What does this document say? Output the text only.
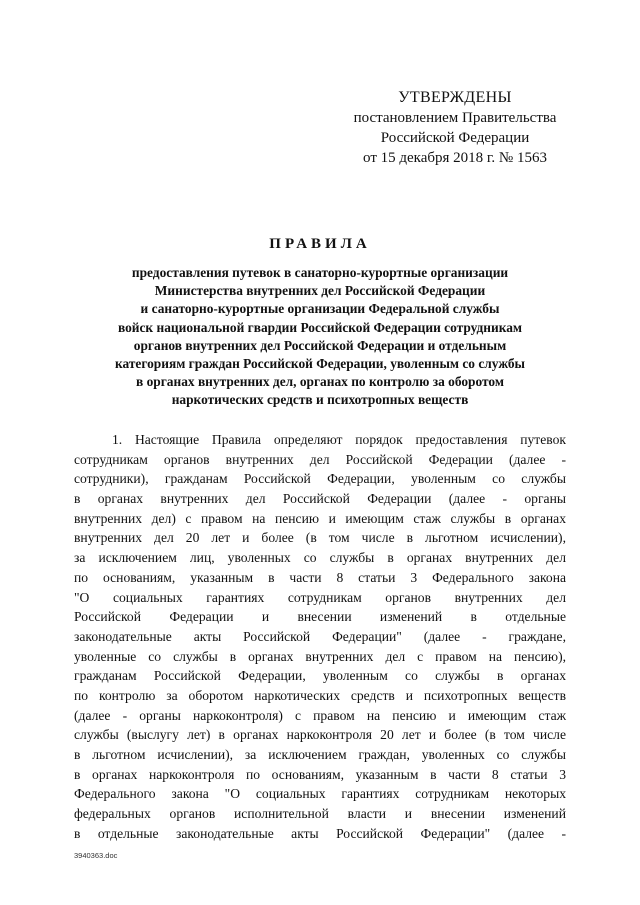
УТВЕРЖДЕНЫ
постановлением Правительства
Российской Федерации
от 15 декабря 2018 г. № 1563
ПРАВИЛА
предоставления путевок в санаторно-курортные организации
Министерства внутренних дел Российской Федерации
и санаторно-курортные организации Федеральной службы
войск национальной гвардии Российской Федерации сотрудникам
органов внутренних дел Российской Федерации и отдельным
категориям граждан Российской Федерации, уволенным со службы
в органах внутренних дел, органах по контролю за оборотом
наркотических средств и психотропных веществ
1. Настоящие Правила определяют порядок предоставления путевок
сотрудникам органов внутренних дел Российской Федерации (далее -
сотрудники), гражданам Российской Федерации, уволенным со службы
в органах внутренних дел Российской Федерации (далее - органы
внутренних дел) с правом на пенсию и имеющим стаж службы в органах
внутренних дел 20 лет и более (в том числе в льготном исчислении),
за исключением лиц, уволенных со службы в органах внутренних дел
по основаниям, указанным в части 8 статьи 3 Федерального закона
"О социальных гарантиях сотрудникам органов внутренних дел
Российской Федерации и внесении изменений в отдельные
законодательные акты Российской Федерации" (далее - граждане,
уволенные со службы в органах внутренних дел с правом на пенсию),
гражданам Российской Федерации, уволенным со службы в органах
по контролю за оборотом наркотических средств и психотропных веществ
(далее - органы наркоконтроля) с правом на пенсию и имеющим стаж
службы (выслугу лет) в органах наркоконтроля 20 лет и более (в том числе
в льготном исчислении), за исключением граждан, уволенных со службы
в органах наркоконтроля по основаниям, указанным в части 8 статьи 3
Федерального закона "О социальных гарантиях сотрудникам некоторых
федеральных органов исполнительной власти и внесении изменений
в отдельные законодательные акты Российской Федерации" (далее -
3940363.doc
